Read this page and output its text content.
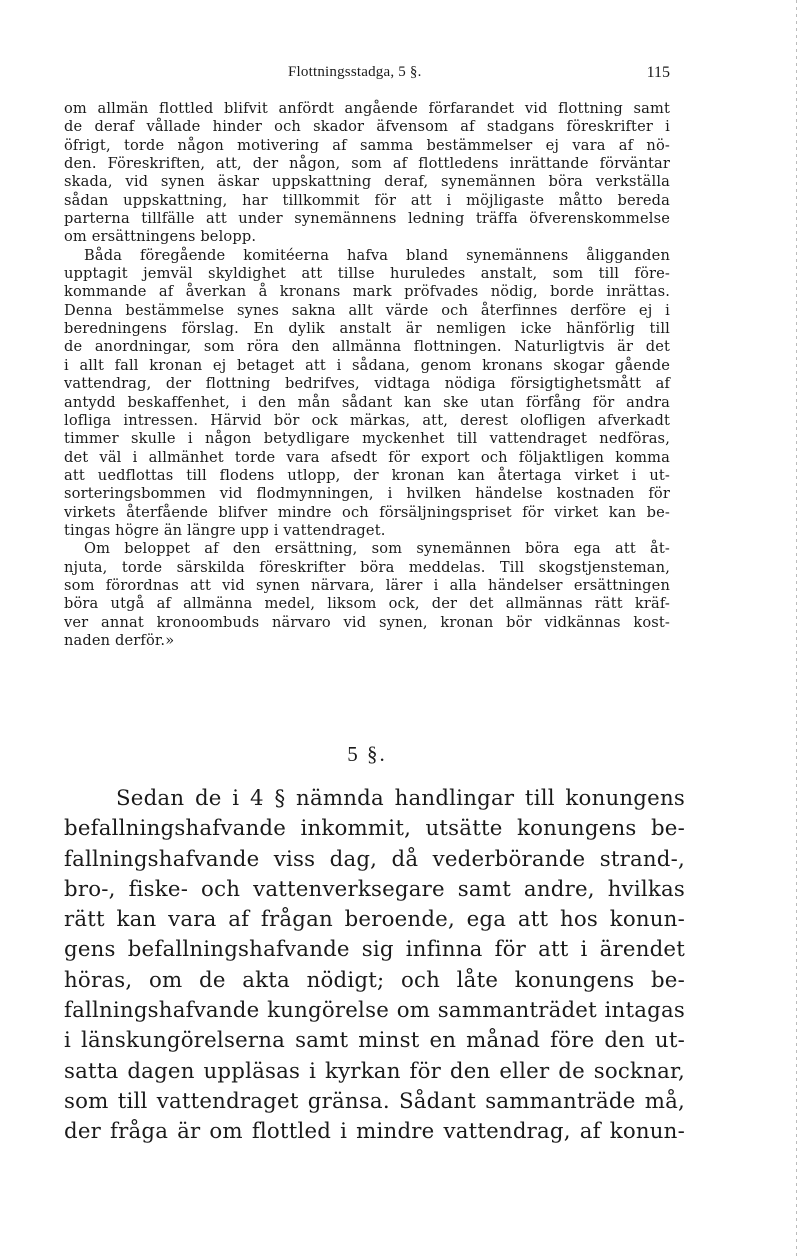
Flottningsstadga, 5 §.	115
om allmän flottled blifvit anfördt angående förfarandet vid flottning samt
de deraf vållade hinder och skador äfvensom af stadgans föreskrifter i
öfrigt, torde någon motivering af samma bestämmelser ej vara af nö-
den. Föreskriften, att, der någon, som af flottledens inrättande förväntar
skada, vid synen äskar uppskattning deraf, synemännen böra verkställa
sådan uppskattning, har tillkommit för att i möjligaste måtto bereda
parterna tillfälle att under synemännens ledning träffa öfverenskommelse
om ersättningens belopp.
Båda föregående komitéerna hafva bland synemännens åligganden
upptagit jemväl skyldighet att tillse huruledes anstalt, som till före-
kommande af åverkan å kronans mark pröfvades nödig, borde inrättas.
Denna bestämmelse synes sakna allt värde och återfinnes derföre ej i
beredningens förslag. En dylik anstalt är nemligen icke hänförlig till
de anordningar, som röra den allmänna flottningen. Naturligtvis är det
i allt fall kronan ej betaget att i sådana, genom kronans skogar gående
vattendrag, der flottning bedrifves, vidtaga nödiga försigtighetsmått af
antydd beskaffenhet, i den mån sådant kan ske utan förfång för andra
lofliga intressen. Härvid bör ock märkas, att, derest olofligen afverkadt
timmer skulle i någon betydligare myckenhet till vattendraget nedföras,
det väl i allmänhet torde vara afsedt för export och följaktligen komma
att uedflottas till flodens utlopp, der kronan kan återtaga virket i ut-
sorteringsbommen vid flodmynningen, i hvilken händelse kostnaden för
virkets återfående blifver mindre och försäljningspriset för virket kan be-
tingas högre än längre upp i vattendraget.
Om beloppet af den ersättning, som synemännen böra ega att åt-
njuta, torde särskilda föreskrifter böra meddelas. Till skogstjensteman,
som förordnas att vid synen närvara, lärer i alla händelser ersättningen
böra utgå af allmänna medel, liksom ock, der det allmännas rätt kräf-
ver annat kronoombuds närvaro vid synen, kronan bör vidkännas kost-
naden derför.»
5 §.
Sedan de i 4 § nämnda handlingar till konungens
befallningshafvande inkommit, utsätte konungens be-
fallningshafvande viss dag, då vederbörande strand-,
bro-, fiske- och vattenverksegare samt andre, hvilkas
rätt kan vara af frågan beroende, ega att hos konun-
gens befallningshafvande sig infinna för att i ärendet
höras, om de akta nödigt; och låte konungens be-
fallningshafvande kungörelse om sammanträdet intagas
i länskungörelserna samt minst en månad före den ut-
satta dagen uppläsas i kyrkan för den eller de socknar,
som till vattendraget gränsa. Sådant sammanträde må,
der fråga är om flottled i mindre vattendrag, af konun-
